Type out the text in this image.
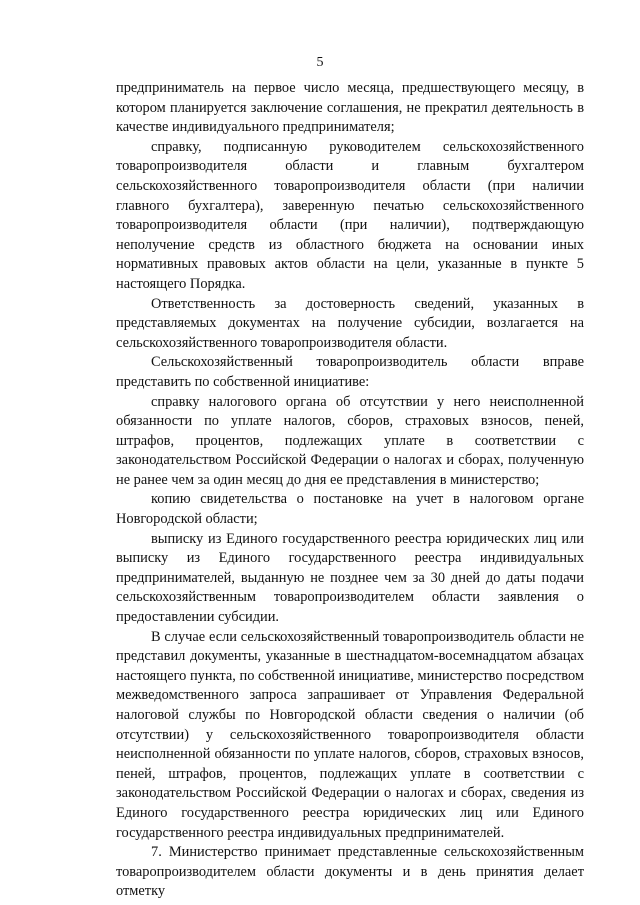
5

предприниматель на первое число месяца, предшествующего месяцу, в котором планируется заключение соглашения, не прекратил деятельность в качестве индивидуального предпринимателя;

справку, подписанную руководителем сельскохозяйственного товаропроизводителя области и главным бухгалтером сельскохозяйственного товаропроизводителя области (при наличии главного бухгалтера), заверенную печатью сельскохозяйственного товаропроизводителя области (при наличии), подтверждающую неполучение средств из областного бюджета на основании иных нормативных правовых актов области на цели, указанные в пункте 5 настоящего Порядка.

Ответственность за достоверность сведений, указанных в представляемых документах на получение субсидии, возлагается на сельскохозяйственного товаропроизводителя области.

Сельскохозяйственный товаропроизводитель области вправе представить по собственной инициативе:

справку налогового органа об отсутствии у него неисполненной обязанности по уплате налогов, сборов, страховых взносов, пеней, штрафов, процентов, подлежащих уплате в соответствии с законодательством Российской Федерации о налогах и сборах, полученную не ранее чем за один месяц до дня ее представления в министерство;

копию свидетельства о постановке на учет в налоговом органе Новгородской области;

выписку из Единого государственного реестра юридических лиц или выписку из Единого государственного реестра индивидуальных предпринимателей, выданную не позднее чем за 30 дней до даты подачи сельскохозяйственным товаропроизводителем области заявления о предоставлении субсидии.

В случае если сельскохозяйственный товаропроизводитель области не представил документы, указанные в шестнадцатом-восемнадцатом абзацах настоящего пункта, по собственной инициативе, министерство посредством межведомственного запроса запрашивает от Управления Федеральной налоговой службы по Новгородской области сведения о наличии (об отсутствии) у сельскохозяйственного товаропроизводителя области неисполненной обязанности по уплате налогов, сборов, страховых взносов, пеней, штрафов, процентов, подлежащих уплате в соответствии с законодательством Российской Федерации о налогах и сборах, сведения из Единого государственного реестра юридических лиц или Единого государственного реестра индивидуальных предпринимателей.

7. Министерство принимает представленные сельскохозяйственным товаропроизводителем области документы и в день принятия делает отметку
